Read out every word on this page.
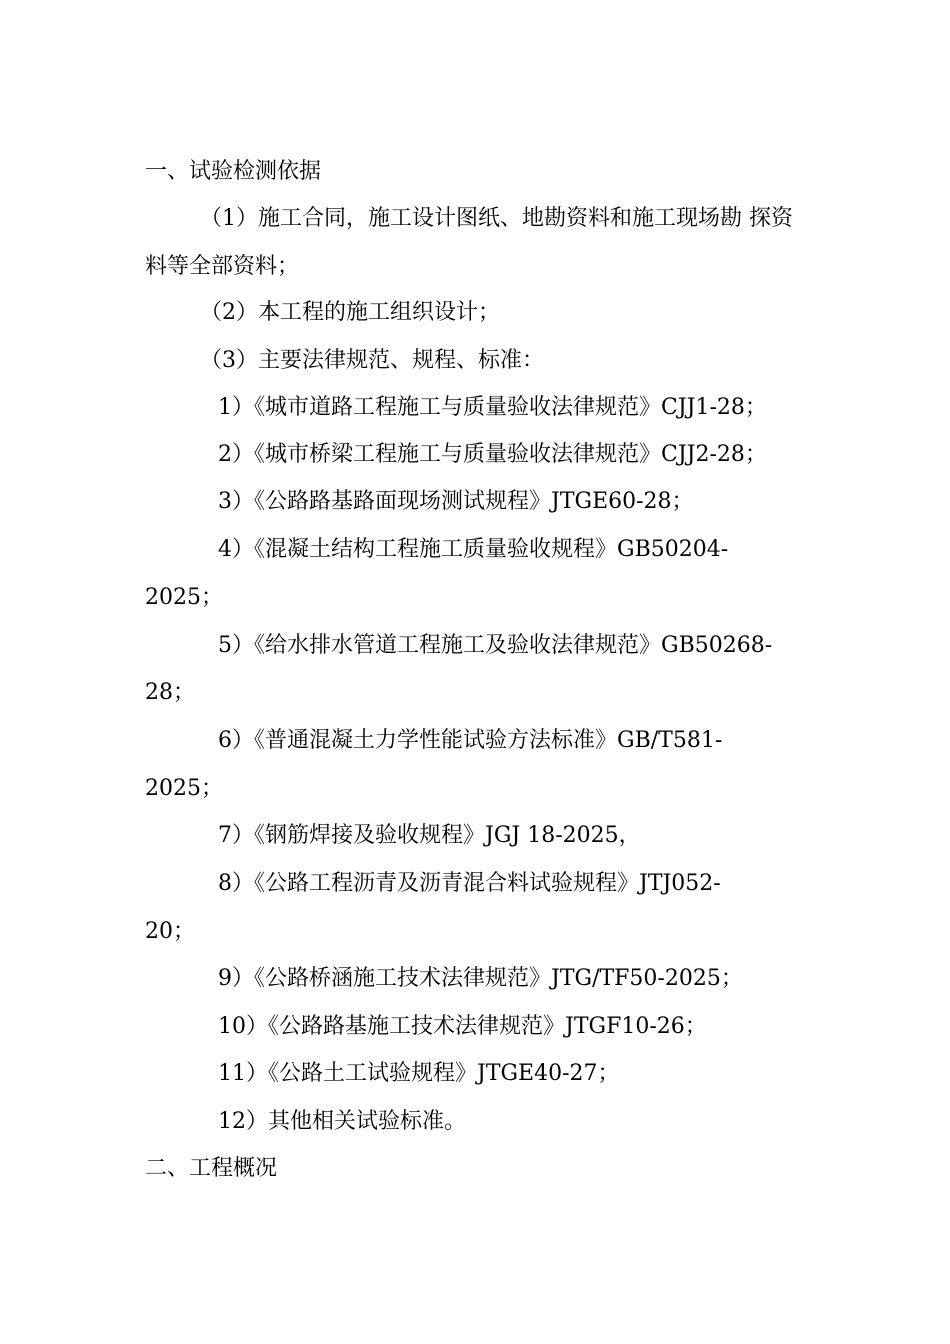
一、试验检测依据

（1）施工合同，施工设计图纸、地勘资料和施工现场勘 探资

料等全部资料；

（2）本工程的施工组织设计；

（3）主要法律规范、规程、标准：

1）《城市道路工程施工与质量验收法律规范》CJJ1-28；

2）《城市桥梁工程施工与质量验收法律规范》CJJ2-28；

3）《公路路基路面现场测试规程》JTGE60-28；

4）《混凝土结构工程施工质量验收规程》GB50204-

2025；

5）《给水排水管道工程施工及验收法律规范》GB50268-

28；

6）《普通混凝土力学性能试验方法标准》GB/T581-

2025；

7）《钢筋焊接及验收规程》JGJ 18-2025，

8）《公路工程沥青及沥青混合料试验规程》JTJ052-

20；

9）《公路桥涵施工技术法律规范》JTG/TF50-2025；

10）《公路路基施工技术法律规范》JTGF10-26；

11）《公路土工试验规程》JTGE40-27；

12）其他相关试验标准。

二、工程概况
